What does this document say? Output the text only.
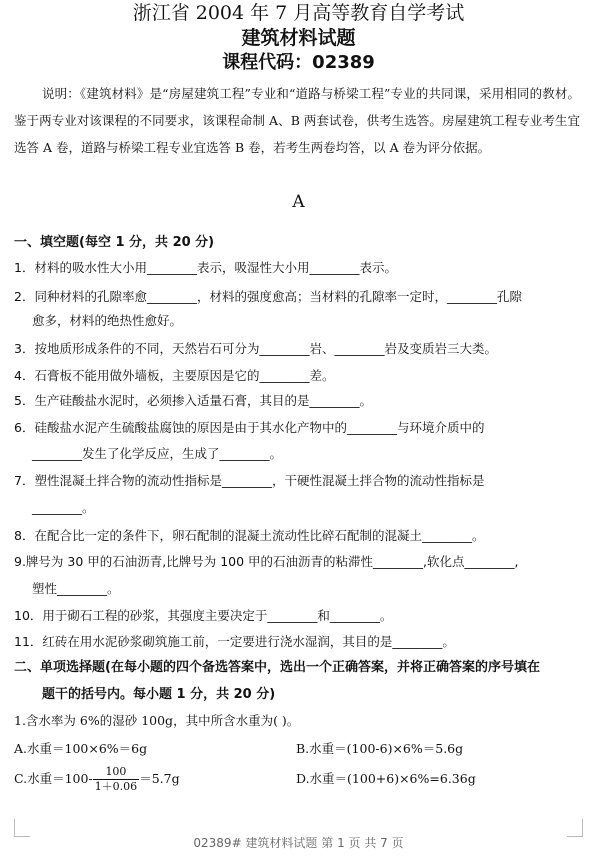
浙江省 2004 年 7 月高等教育自学考试
建筑材料试题
课程代码：02389
说明：《建筑材料》是“房屋建筑工程”专业和“道路与桥梁工程”专业的共同课，采用相同的教材。鉴于两专业对该课程的不同要求，该课程命制 A、B 两套试卷，供考生选答。房屋建筑工程专业考生宜选答 A 卷，道路与桥梁工程专业宜选答 B 卷，若考生两卷均答，以 A 卷为评分依据。
A
一、填空题(每空 1 分，共 20 分)
1．材料的吸水性大小用________表示，吸湿性大小用________表示。
2．同种材料的孔隙率愈________，材料的强度愈高；当材料的孔隙率一定时，________孔隙
愈多，材料的绝热性愈好。
3．按地质形成条件的不同，天然岩石可分为________岩、________岩及变质岩三大类。
4．石膏板不能用做外墙板，主要原因是它的________差。
5．生产硅酸盐水泥时，必须掺入适量石膏，其目的是________。
6．硅酸盐水泥产生硫酸盐腐蚀的原因是由于其水化产物中的________与环境介质中的
________发生了化学反应，生成了________。
7．塑性混凝土拌合物的流动性指标是________，干硬性混凝土拌合物的流动性指标是
________。
8．在配合比一定的条件下，卵石配制的混凝土流动性比碎石配制的混凝土________。
9.牌号为 30 甲的石油沥青,比牌号为 100 甲的石油沥青的粘滞性________,软化点________,
塑性________。
10．用于砌石工程的砂浆，其强度主要决定于________和________。
11．红砖在用水泥砂浆砌筑施工前，一定要进行浇水湿润，其目的是________。
二、单项选择题(在每小题的四个备选答案中，选出一个正确答案，并将正确答案的序号填在
题干的括号内。每小题 1 分，共 20 分)
1.含水率为 6%的湿砂 100g，其中所含水重为( )。
A.水重＝100×6%＝6g	B.水重＝(100-6)×6%＝5.6g
C.水重$=100- \frac{100}{1+0.06} =5.7g$	D.水重＝(100+6)×6%=6.36g
02389# 建筑材料试题 第 1 页 共 7 页
